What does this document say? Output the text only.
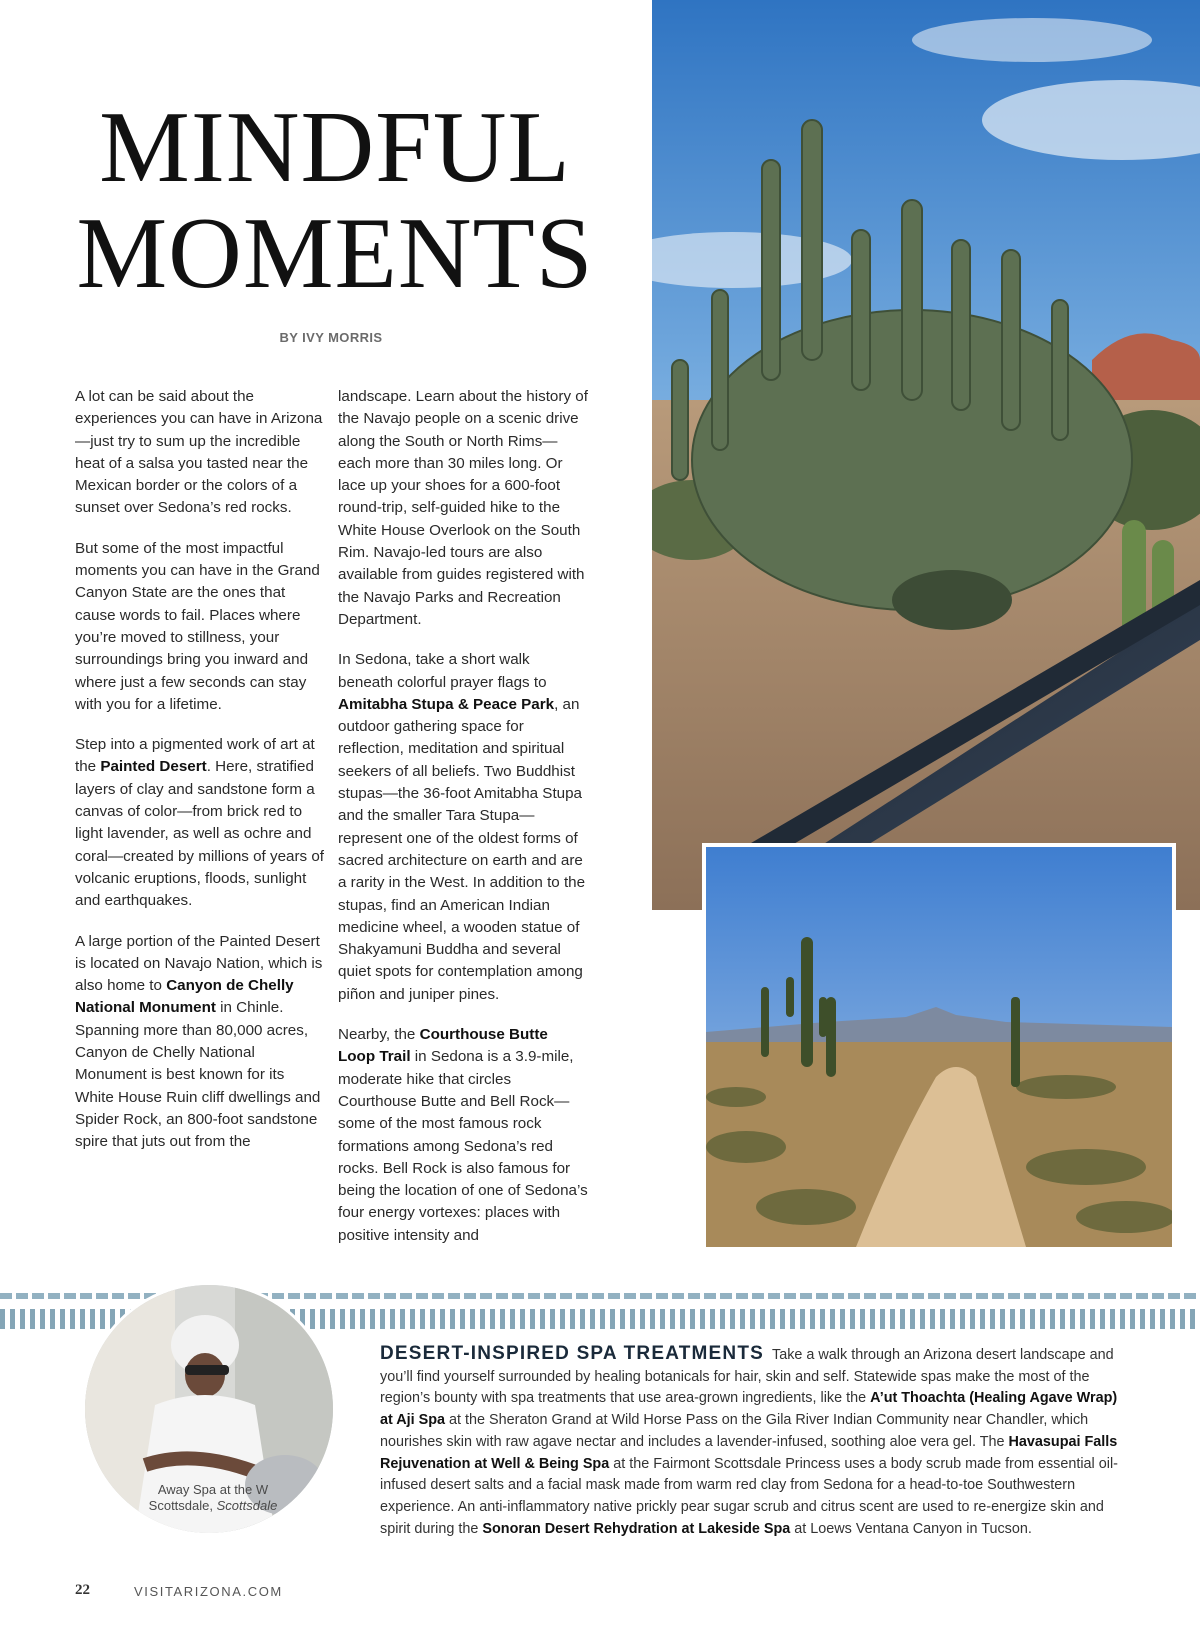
MINDFUL
MOMENTS
BY IVY MORRIS

A lot can be said about the experiences you can have in Arizona—just try to sum up the incredible heat of a salsa you tasted near the Mexican border or the colors of a sunset over Sedona’s red rocks.

But some of the most impactful moments you can have in the Grand Canyon State are the ones that cause words to fail. Places where you’re moved to stillness, your surroundings bring you inward and where just a few seconds can stay with you for a lifetime.

Step into a pigmented work of art at the Painted Desert. Here, stratified layers of clay and sandstone form a canvas of color—from brick red to light lavender, as well as ochre and coral—created by millions of years of volcanic eruptions, floods, sunlight and earthquakes.

A large portion of the Painted Desert is located on Navajo Nation, which is also home to Canyon de Chelly National Monument in Chinle. Spanning more than 80,000 acres, Canyon de Chelly National Monument is best known for its White House Ruin cliff dwellings and Spider Rock, an 800-foot sandstone spire that juts out from the

landscape. Learn about the history of the Navajo people on a scenic drive along the South or North Rims—each more than 30 miles long. Or lace up your shoes for a 600-foot round-trip, self-guided hike to the White House Overlook on the South Rim. Navajo-led tours are also available from guides registered with the Navajo Parks and Recreation Department.

In Sedona, take a short walk beneath colorful prayer flags to Amitabha Stupa & Peace Park, an outdoor gathering space for reflection, meditation and spiritual seekers of all beliefs. Two Buddhist stupas—the 36-foot Amitabha Stupa and the smaller Tara Stupa—represent one of the oldest forms of sacred architecture on earth and are a rarity in the West. In addition to the stupas, find an American Indian medicine wheel, a wooden statue of Shakyamuni Buddha and several quiet spots for contemplation among piñon and juniper pines.

Nearby, the Courthouse Butte Loop Trail in Sedona is a 3.9-mile, moderate hike that circles Courthouse Butte and Bell Rock—some of the most famous rock formations among Sedona’s red rocks. Bell Rock is also famous for being the location of one of Sedona’s four energy vortexes: places with positive intensity and

Away Spa at the W Scottsdale, Scottsdale
DESERT-INSPIRED SPA TREATMENTS Take a walk through an Arizona desert landscape and you’ll find yourself surrounded by healing botanicals for hair, skin and self. Statewide spas make the most of the region’s bounty with spa treatments that use area-grown ingredients, like the A’ut Thoachta (Healing Agave Wrap) at Aji Spa at the Sheraton Grand at Wild Horse Pass on the Gila River Indian Community near Chandler, which nourishes skin with raw agave nectar and includes a lavender-infused, soothing aloe vera gel. The Havasupai Falls Rejuvenation at Well & Being Spa at the Fairmont Scottsdale Princess uses a body scrub made from essential oil-infused desert salts and a facial mask made from warm red clay from Sedona for a head-to-toe Southwestern experience. An anti-inflammatory native prickly pear sugar scrub and citrus scent are used to re-energize skin and spirit during the Sonoran Desert Rehydration at Lakeside Spa at Loews Ventana Canyon in Tucson.
22	VISITARIZONA.COM
